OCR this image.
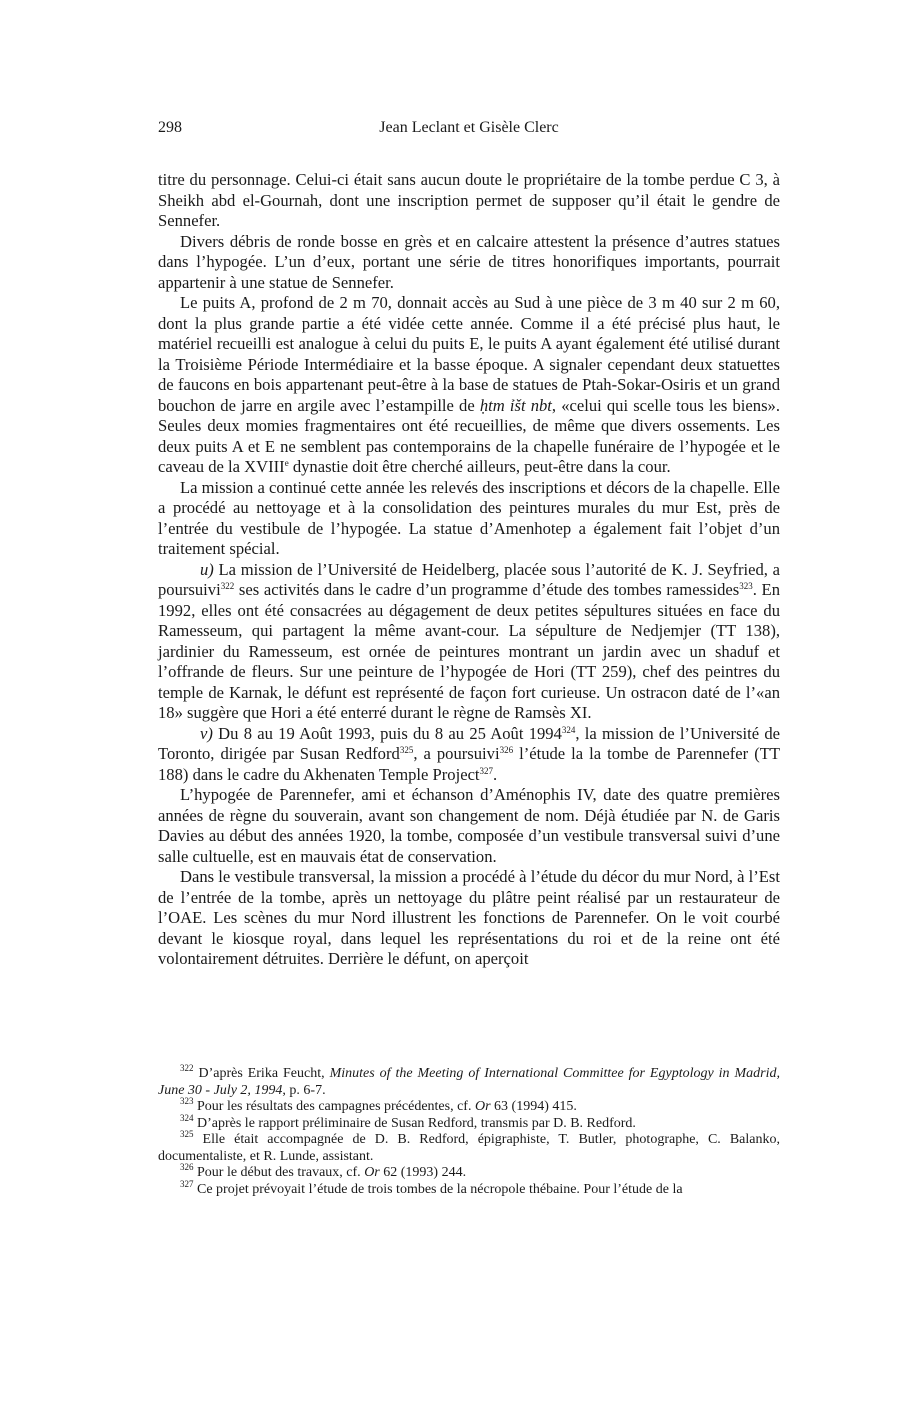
298	Jean Leclant et Gisèle Clerc

titre du personnage. Celui-ci était sans aucun doute le propriétaire de la tombe perdue C 3, à Sheikh abd el-Gournah, dont une inscription permet de supposer qu’il était le gendre de Sennefer.

Divers débris de ronde bosse en grès et en calcaire attestent la présence d’autres statues dans l’hypogée. L’un d’eux, portant une série de titres honorifiques importants, pourrait appartenir à une statue de Sennefer.

Le puits A, profond de 2 m 70, donnait accès au Sud à une pièce de 3 m 40 sur 2 m 60, dont la plus grande partie a été vidée cette année. Comme il a été précisé plus haut, le matériel recueilli est analogue à celui du puits E, le puits A ayant également été utilisé durant la Troisième Période Intermédiaire et la basse époque. A signaler cependant deux statuettes de faucons en bois appartenant peut-être à la base de statues de Ptah-Sokar-Osiris et un grand bouchon de jarre en argile avec l’estampille de ḥtm ỉšt nbt, «celui qui scelle tous les biens». Seules deux momies fragmentaires ont été recueillies, de même que divers ossements. Les deux puits A et E ne semblent pas contemporains de la chapelle funéraire de l’hypogée et le caveau de la XVIIIe dynastie doit être cherché ailleurs, peut-être dans la cour.

La mission a continué cette année les relevés des inscriptions et décors de la chapelle. Elle a procédé au nettoyage et à la consolidation des peintures murales du mur Est, près de l’entrée du vestibule de l’hypogée. La statue d’Amenhotep a également fait l’objet d’un traitement spécial.

u) La mission de l’Université de Heidelberg, placée sous l’autorité de K. J. Seyfried, a poursuivi$^{322}$ ses activités dans le cadre d’un programme d’étude des tombes ramessides$^{323}$. En 1992, elles ont été consacrées au dégagement de deux petites sépultures situées en face du Ramesseum, qui partagent la même avant-cour. La sépulture de Nedjemjer (TT 138), jardinier du Ramesseum, est ornée de peintures montrant un jardin avec un shaduf et l’offrande de fleurs. Sur une peinture de l’hypogée de Hori (TT 259), chef des peintres du temple de Karnak, le défunt est représenté de façon fort curieuse. Un ostracon daté de l’«an 18» suggère que Hori a été enterré durant le règne de Ramsès XI.

v) Du 8 au 19 Août 1993, puis du 8 au 25 Août 1994$^{324}$, la mission de l’Université de Toronto, dirigée par Susan Redford$^{325}$, a poursuivi$^{326}$ l’étude la la tombe de Parennefer (TT 188) dans le cadre du Akhenaten Temple Project$^{327}$.

L’hypogée de Parennefer, ami et échanson d’Aménophis IV, date des quatre premières années de règne du souverain, avant son changement de nom. Déjà étudiée par N. de Garis Davies au début des années 1920, la tombe, composée d’un vestibule transversal suivi d’une salle cultuelle, est en mauvais état de conservation.

Dans le vestibule transversal, la mission a procédé à l’étude du décor du mur Nord, à l’Est de l’entrée de la tombe, après un nettoyage du plâtre peint réalisé par un restaurateur de l’OAE. Les scènes du mur Nord illustrent les fonctions de Parennefer. On le voit courbé devant le kiosque royal, dans lequel les représentations du roi et de la reine ont été volontairement détruites. Derrière le défunt, on aperçoit

$^{322}$ D’après Erika Feucht, Minutes of the Meeting of International Committee for Egyptology in Madrid, June 30 - July 2, 1994, p. 6-7.

$^{323}$ Pour les résultats des campagnes précédentes, cf. Or 63 (1994) 415.

$^{324}$ D’après le rapport préliminaire de Susan Redford, transmis par D. B. Redford.

$^{325}$ Elle était accompagnée de D. B. Redford, épigraphiste, T. Butler, photographe, C. Balanko, documentaliste, et R. Lunde, assistant.

$^{326}$ Pour le début des travaux, cf. Or 62 (1993) 244.

$^{327}$ Ce projet prévoyait l’étude de trois tombes de la nécropole thébaine. Pour l’étude de la
